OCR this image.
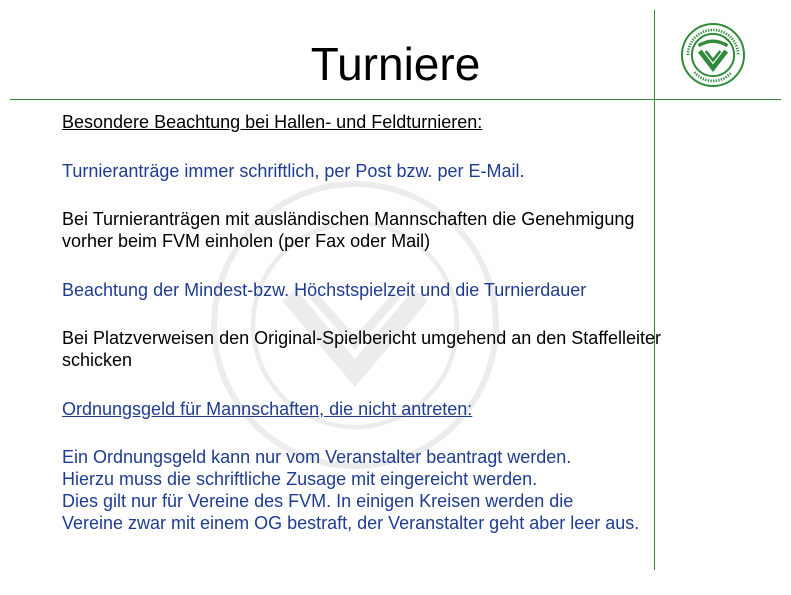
Turniere

Besondere Beachtung bei Hallen- und Feldturnieren:

Turnieranträge immer schriftlich, per Post bzw. per E-Mail.

Bei Turnieranträgen mit ausländischen Mannschaften die Genehmigung

vorher beim FVM einholen (per Fax oder Mail)

Beachtung der Mindest-bzw. Höchstspielzeit und die Turnierdauer

Bei Platzverweisen den Original-Spielbericht umgehend an den Staffelleiter

schicken

Ordnungsgeld für Mannschaften, die nicht antreten:

Ein Ordnungsgeld kann nur vom Veranstalter beantragt werden.

Hierzu muss die schriftliche Zusage mit eingereicht werden.

Dies gilt nur für Vereine des FVM. In einigen Kreisen werden die

Vereine zwar mit einem OG bestraft, der Veranstalter geht aber leer aus.
